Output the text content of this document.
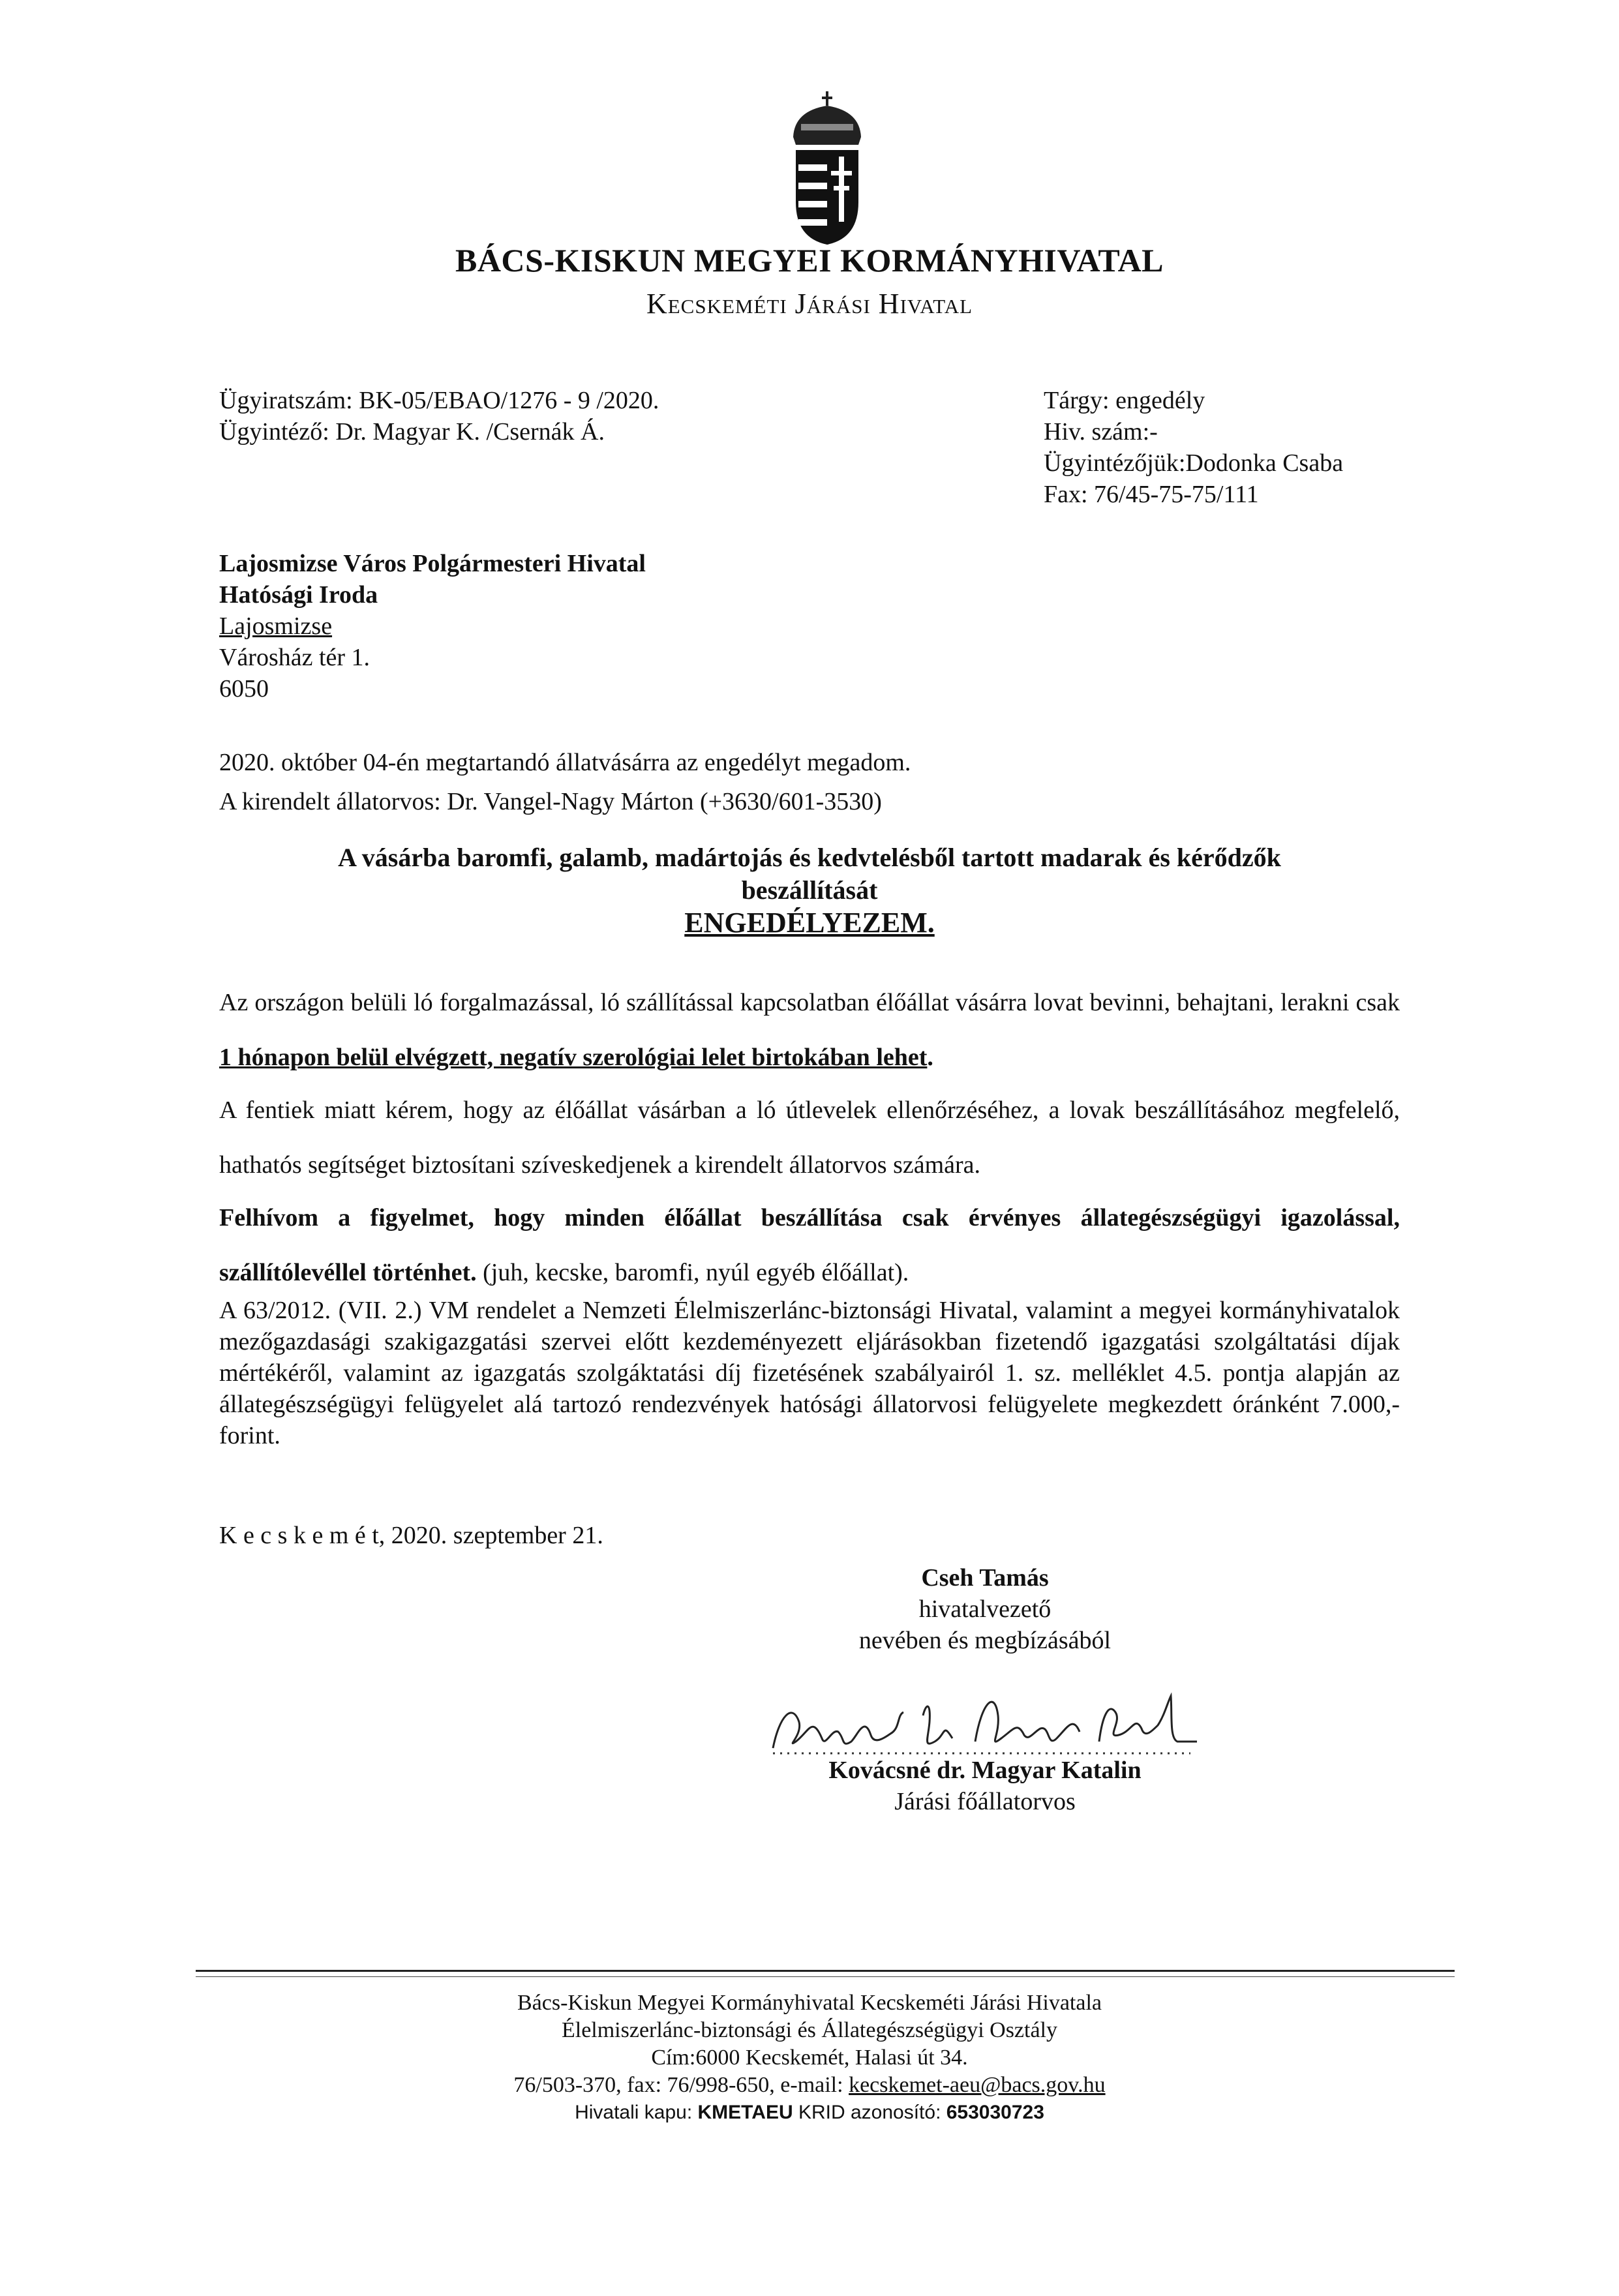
BÁCS-KISKUN MEGYEI KORMÁNYHIVATAL
Kecskeméti Járási Hivatal
Ügyiratszám: BK-05/EBAO/1276 - 9 /2020.
Ügyintéző: Dr. Magyar K. /Csernák Á.
Tárgy: engedély
Hiv. szám:-
Ügyintézőjük:Dodonka Csaba
Fax: 76/45-75-75/111
Lajosmizse Város Polgármesteri Hivatal
Hatósági Iroda
Lajosmizse
Városház tér 1.
6050
2020. október 04-én megtartandó állatvásárra az engedélyt megadom.
A kirendelt állatorvos: Dr. Vangel-Nagy Márton (+3630/601-3530)
A vásárba baromfi, galamb, madártojás és kedvtelésből tartott madarak és kérődzők
beszállítását
ENGEDÉLYEZEM.
Az országon belüli ló forgalmazással, ló szállítással kapcsolatban élőállat vásárra lovat bevinni, behajtani, lerakni csak 1 hónapon belül elvégzett, negatív szerológiai lelet birtokában lehet.
A fentiek miatt kérem, hogy az élőállat vásárban a ló útlevelek ellenőrzéséhez, a lovak beszállításához megfelelő, hathatós segítséget biztosítani szíveskedjenek a kirendelt állatorvos számára.
Felhívom a figyelmet, hogy minden élőállat beszállítása csak érvényes állategészségügyi igazolással, szállítólevéllel történhet. (juh, kecske, baromfi, nyúl egyéb élőállat).
A 63/2012. (VII. 2.) VM rendelet a Nemzeti Élelmiszerlánc-biztonsági Hivatal, valamint a megyei kormányhivatalok mezőgazdasági szakigazgatási szervei előtt kezdeményezett eljárásokban fizetendő igazgatási szolgáltatási díjak mértékéről, valamint az igazgatás szolgáktatási díj fizetésének szabályairól 1. sz. melléklet 4.5. pontja alapján az állategészségügyi felügyelet alá tartozó rendezvények hatósági állatorvosi felügyelete megkezdett óránként 7.000,- forint.
K e c s k e m é t, 2020. szeptember 21.
Cseh Tamás
hivatalvezető
nevében és megbízásából
Kovácsné dr. Magyar Katalin
Járási főállatorvos
Bács-Kiskun Megyei Kormányhivatal Kecskeméti Járási Hivatala
Élelmiszerlánc-biztonsági és Állategészségügyi Osztály
Cím:6000 Kecskemét, Halasi út 34.
76/503-370, fax: 76/998-650, e-mail: kecskemet-aeu@bacs.gov.hu
Hivatali kapu: KMETAEU KRID azonosító: 653030723
